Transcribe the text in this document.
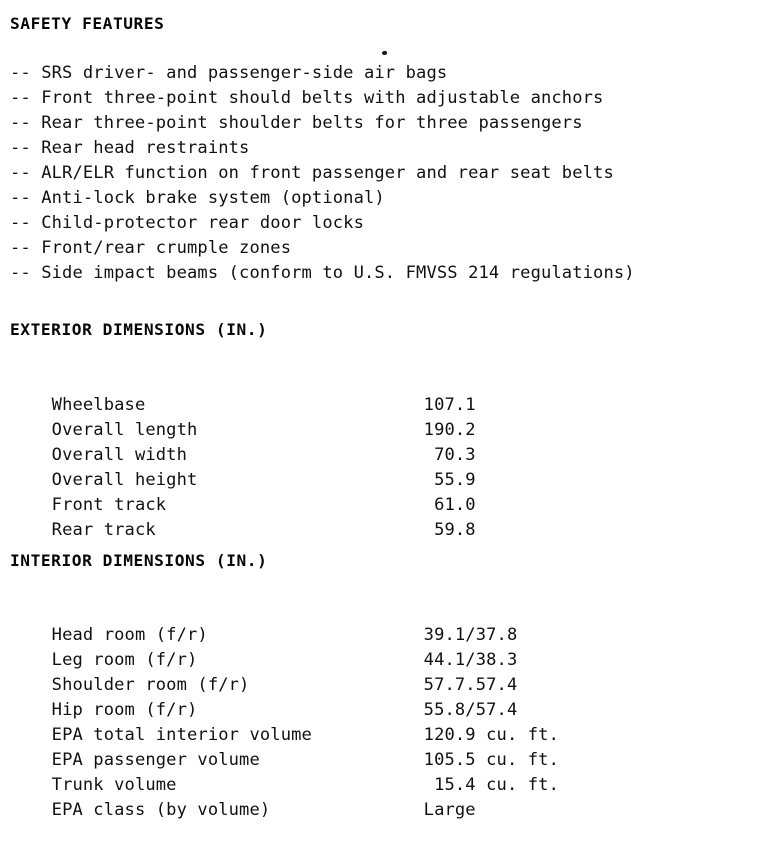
SAFETY FEATURES
-- SRS driver- and passenger-side air bags
-- Front three-point should belts with adjustable anchors
-- Rear three-point shoulder belts for three passengers
-- Rear head restraints
-- ALR/ELR function on front passenger and rear seat belts
-- Anti-lock brake system (optional)
-- Child-protector rear door locks
-- Front/rear crumple zones
-- Side impact beams (conform to U.S. FMVSS 214 regulations)
EXTERIOR DIMENSIONS (IN.)

Wheelbase	107.1

Overall length	190.2

Overall width	70.3

Overall height	55.9

Front track	61.0

Rear track	59.8

INTERIOR DIMENSIONS (IN.)

Head room (f/r)	39.1/37.8

Leg room (f/r)	44.1/38.3

Shoulder room (f/r)	57.7.57.4

Hip room (f/r)	55.8/57.4

EPA total interior volume	120.9 cu. ft.

EPA passenger volume	105.5 cu. ft.

Trunk volume	15.4 cu. ft.

EPA class (by volume)	Large
